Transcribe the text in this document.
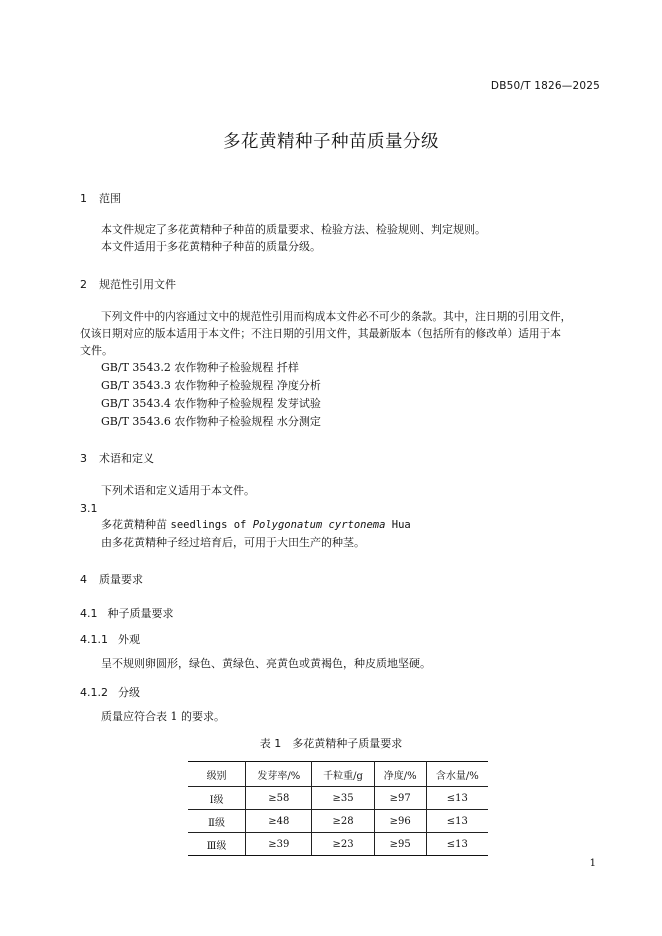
DB50/T 1826—2025
多花黄精种子种苗质量分级
1 范围
本文件规定了多花黄精种子种苗的质量要求、检验方法、检验规则、判定规则。
本文件适用于多花黄精种子种苗的质量分级。
2 规范性引用文件
下列文件中的内容通过文中的规范性引用而构成本文件必不可少的条款。其中，注日期的引用文件，
仅该日期对应的版本适用于本文件；不注日期的引用文件，其最新版本（包括所有的修改单）适用于本
文件。
GB/T 3543.2 农作物种子检验规程 扦样
GB/T 3543.3 农作物种子检验规程 净度分析
GB/T 3543.4 农作物种子检验规程 发芽试验
GB/T 3543.6 农作物种子检验规程 水分测定
3 术语和定义
下列术语和定义适用于本文件。
3.1
多花黄精种苗 seedlings of Polygonatum cyrtonema Hua
由多花黄精种子经过培育后，可用于大田生产的种茎。
4 质量要求
4.1 种子质量要求
4.1.1 外观
呈不规则卵圆形，绿色、黄绿色、亮黄色或黄褐色，种皮质地坚硬。
4.1.2 分级
质量应符合表 1 的要求。
表 1　多花黄精种子质量要求
级别	发芽率/%	千粒重/g	净度/%	含水量/%
Ⅰ级	≥58	≥35	≥97	≤13
Ⅱ级	≥48	≥28	≥96	≤13
Ⅲ级	≥39	≥23	≥95	≤13
1
